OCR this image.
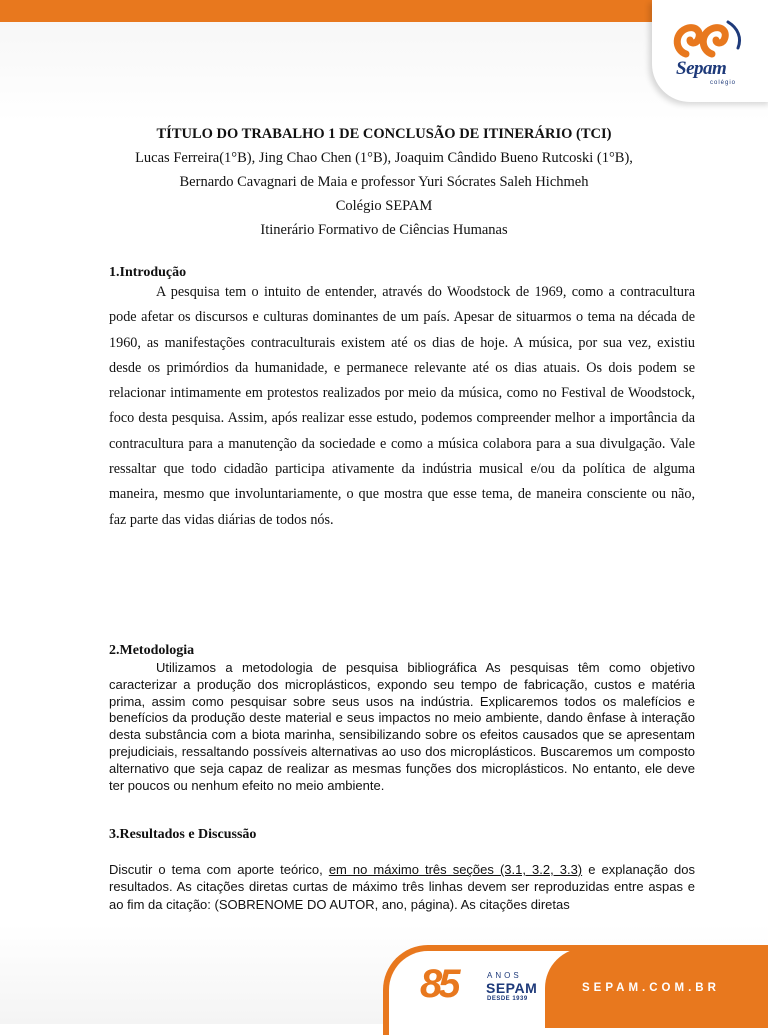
Sepam
colégio
TÍTULO DO TRABALHO 1 DE CONCLUSÃO DE ITINERÁRIO (TCI)
Lucas Ferreira(1°B), Jing Chao Chen (1°B), Joaquim Cândido Bueno Rutcoski (1°B),
Bernardo Cavagnari de Maia e professor Yuri Sócrates Saleh Hichmeh
Colégio SEPAM
Itinerário Formativo de Ciências Humanas
1.Introdução

A pesquisa tem o intuito de entender, através do Woodstock de 1969, como a contracultura pode afetar os discursos e culturas dominantes de um país. Apesar de situarmos o tema na década de 1960, as manifestações contraculturais existem até os dias de hoje. A música, por sua vez, existiu desde os primórdios da humanidade, e permanece relevante até os dias atuais. Os dois podem se relacionar intimamente em protestos realizados por meio da música, como no Festival de Woodstock, foco desta pesquisa. Assim, após realizar esse estudo, podemos compreender melhor a importância da contracultura para a manutenção da sociedade e como a música colabora para a sua divulgação. Vale ressaltar que todo cidadão participa ativamente da indústria musical e/ou da política de alguma maneira, mesmo que involuntariamente, o que mostra que esse tema, de maneira consciente ou não, faz parte das vidas diárias de todos nós.

2.Metodologia

Utilizamos a metodologia de pesquisa bibliográfica As pesquisas têm como objetivo caracterizar a produção dos microplásticos, expondo seu tempo de fabricação, custos e matéria prima, assim como pesquisar sobre seus usos na indústria. Explicaremos todos os malefícios e benefícios da produção deste material e seus impactos no meio ambiente, dando ênfase à interação desta substância com a biota marinha, sensibilizando sobre os efeitos causados que se apresentam prejudiciais, ressaltando possíveis alternativas ao uso dos microplásticos. Buscaremos um composto alternativo que seja capaz de realizar as mesmas funções dos microplásticos. No entanto, ele deve ter poucos ou nenhum efeito no meio ambiente.

3.Resultados e Discussão

Discutir o tema com aporte teórico, em no máximo três seções (3.1, 3.2, 3.3) e explanação dos resultados. As citações diretas curtas de máximo três linhas devem ser reproduzidas entre aspas e ao fim da citação: (SOBRENOME DO AUTOR, ano, página). As citações diretas

85	ANOS
SEPAM
DESDE 1939
SEPAM.COM.BR
